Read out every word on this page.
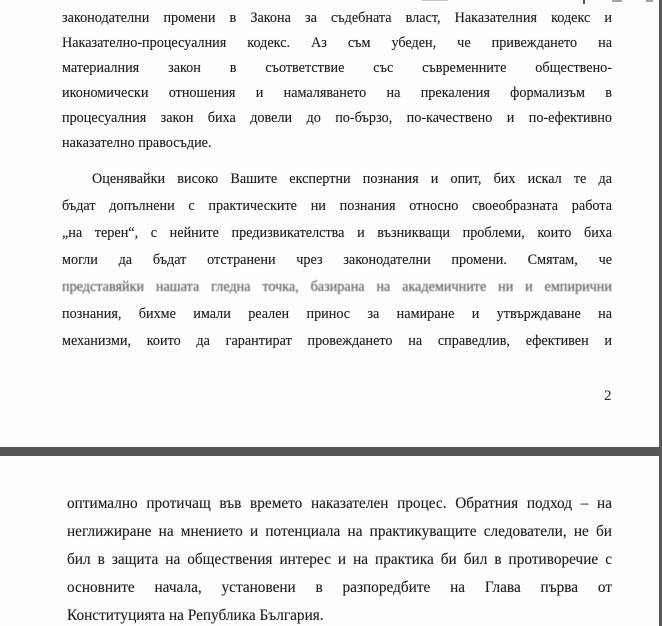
законодателни промени в Закона за съдебната власт, Наказателния кодекс и
Наказателно-процесуалния кодекс. Аз съм убеден, че привеждането на
материалния закон в съответствие със съвременните обществено-
икономически отношения и намаляването на прекаления формализъм в
процесуалния закон биха довели до по-бързо, по-качествено и по-ефективно
наказателно правосъдие.
Оценявайки високо Вашите експертни познания и опит, бих искал те да
бъдат допълнени с практическите ни познания относно своеобразната работа
„на терен“, с нейните предизвикателства и възникващи проблеми, които биха
могли да бъдат отстранени чрез законодателни промени. Смятам, че
представяйки нашата гледна точка, базирана на академичните ни и емпирични
познания, бихме имали реален принос за намиране и утвърждаване на
механизми, които да гарантират провеждането на справедлив, ефективен и
2
оптимално протичащ във времето наказателен процес. Обратния подход – на
неглижиране на мнението и потенциала на практикуващите следователи, не би
бил в защита на обществения интерес и на практика би бил в противоречие с
основните начала, установени в разпоредбите на Глава първа от
Конституцията на Република България.
